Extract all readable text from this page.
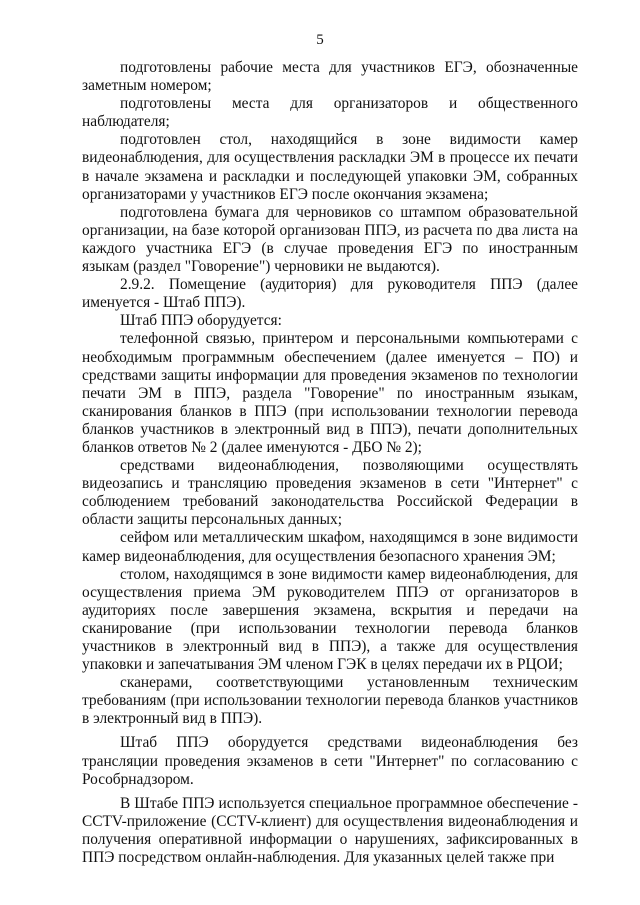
5

подготовлены рабочие места для участников ЕГЭ, обозначенные заметным номером;

подготовлены места для организаторов и общественного наблюдателя;

подготовлен стол, находящийся в зоне видимости камер видеонаблюдения, для осуществления раскладки ЭМ в процессе их печати в начале экзамена и раскладки и последующей упаковки ЭМ, собранных организаторами у участников ЕГЭ после окончания экзамена;

подготовлена бумага для черновиков со штампом образовательной организации, на базе которой организован ППЭ, из расчета по два листа на каждого участника ЕГЭ (в случае проведения ЕГЭ по иностранным языкам (раздел "Говорение") черновики не выдаются).

2.9.2. Помещение (аудитория) для руководителя ППЭ (далее именуется - Штаб ППЭ).

Штаб ППЭ оборудуется:

телефонной связью, принтером и персональными компьютерами с необходимым программным обеспечением (далее именуется – ПО) и средствами защиты информации для проведения экзаменов по технологии печати ЭМ в ППЭ, раздела "Говорение" по иностранным языкам, сканирования бланков в ППЭ (при использовании технологии перевода бланков участников в электронный вид в ППЭ), печати дополнительных бланков ответов № 2 (далее именуются - ДБО № 2);

средствами видеонаблюдения, позволяющими осуществлять видеозапись и трансляцию проведения экзаменов в сети "Интернет" с соблюдением требований законодательства Российской Федерации в области защиты персональных данных;

сейфом или металлическим шкафом, находящимся в зоне видимости камер видеонаблюдения, для осуществления безопасного хранения ЭМ;

столом, находящимся в зоне видимости камер видеонаблюдения, для осуществления приема ЭМ руководителем ППЭ от организаторов в аудиториях после завершения экзамена, вскрытия и передачи на сканирование (при использовании технологии перевода бланков участников в электронный вид в ППЭ), а также для осуществления упаковки и запечатывания ЭМ членом ГЭК в целях передачи их в РЦОИ;

сканерами, соответствующими установленным техническим требованиям (при использовании технологии перевода бланков участников в электронный вид в ППЭ).

Штаб ППЭ оборудуется средствами видеонаблюдения без трансляции проведения экзаменов в сети "Интернет" по согласованию с Рособрнадзором.

В Штабе ППЭ используется специальное программное обеспечение - CCTV-приложение (CCTV-клиент) для осуществления видеонаблюдения и получения оперативной информации о нарушениях, зафиксированных в ППЭ посредством онлайн-наблюдения. Для указанных целей также при
